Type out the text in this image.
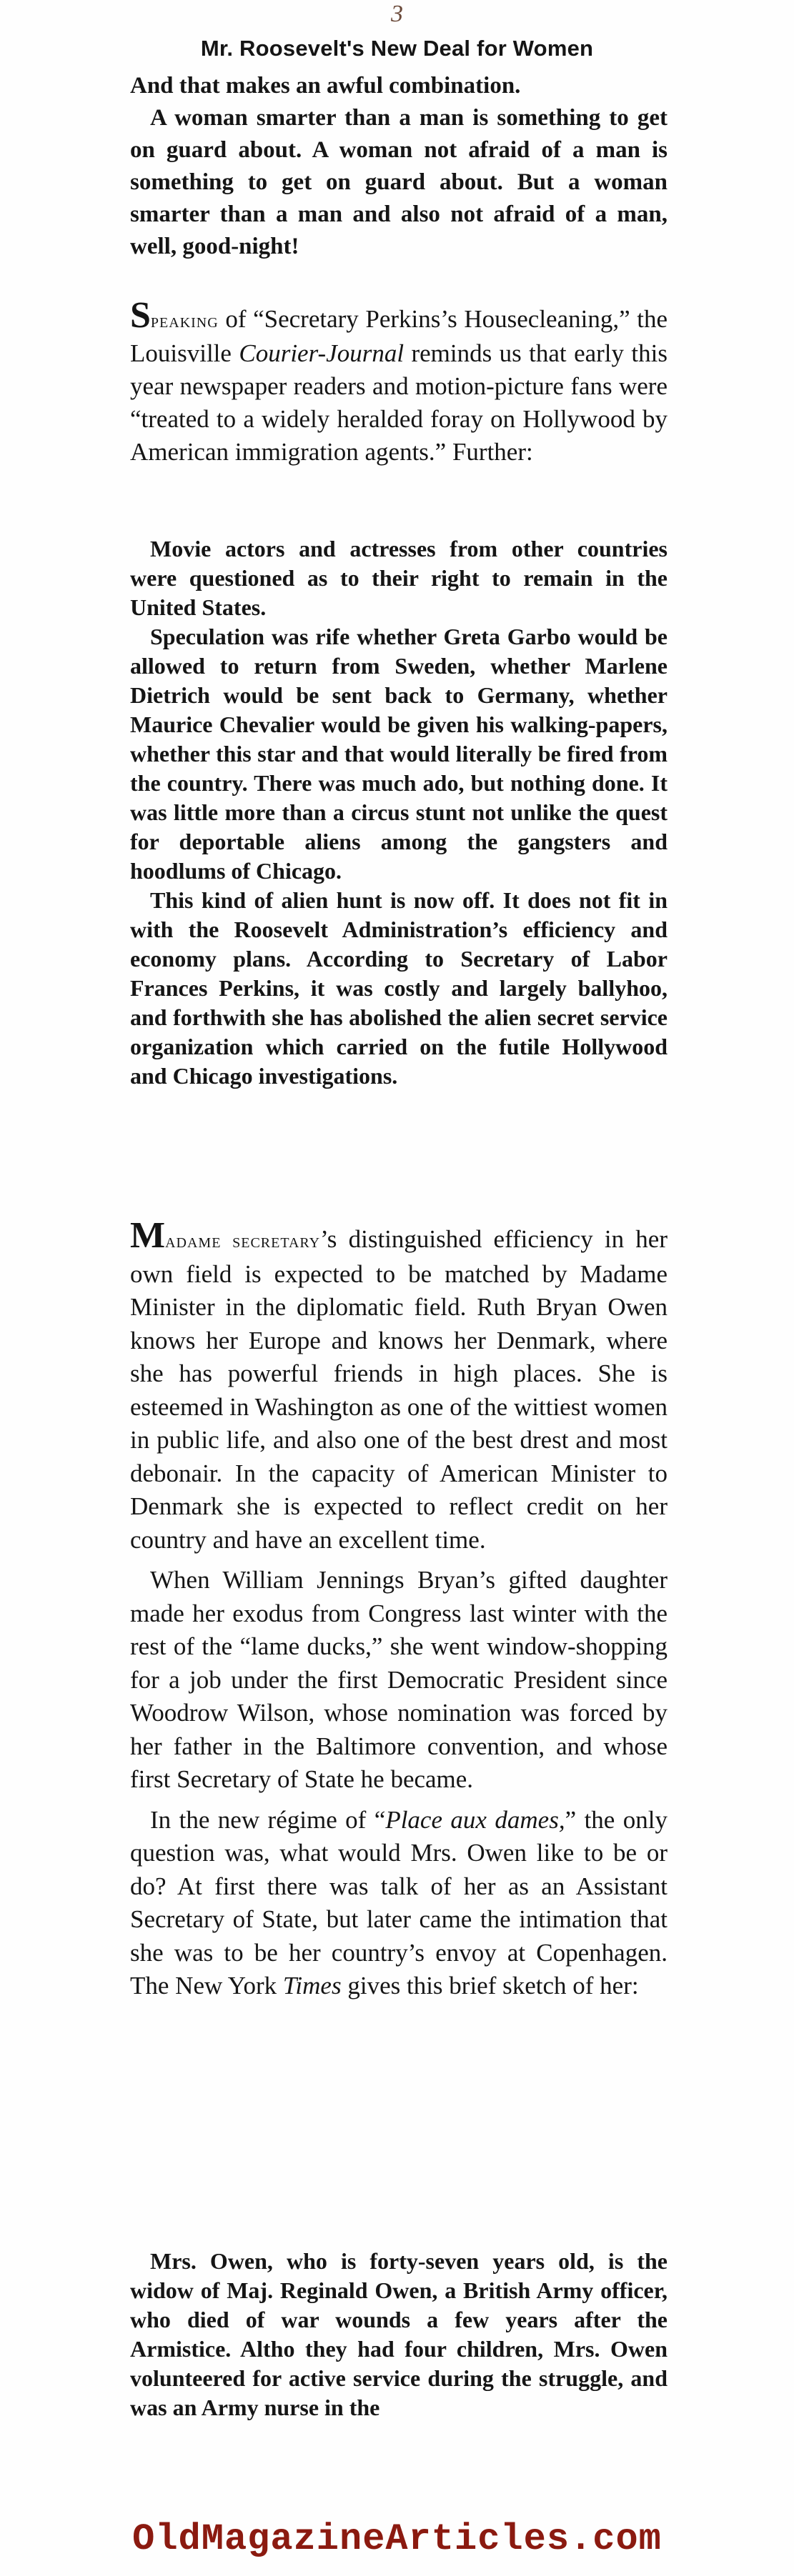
3
Mr. Roosevelt's New Deal for Women

And that makes an awful combination.

A woman smarter than a man is something to get on guard about. A woman not afraid of a man is something to get on guard about. But a woman smarter than a man and also not afraid of a man, well, good-night!

Speaking of “Secretary Perkins’s Housecleaning,” the Louisville Courier-Journal reminds us that early this year newspaper readers and motion-picture fans were “treated to a widely heralded foray on Hollywood by American immigration agents.” Further:

Movie actors and actresses from other countries were questioned as to their right to remain in the United States.

Speculation was rife whether Greta Garbo would be allowed to return from Sweden, whether Marlene Dietrich would be sent back to Germany, whether Maurice Chevalier would be given his walking-papers, whether this star and that would literally be fired from the country. There was much ado, but nothing done. It was little more than a circus stunt not unlike the quest for deportable aliens among the gangsters and hoodlums of Chicago.

This kind of alien hunt is now off. It does not fit in with the Roosevelt Administration’s efficiency and economy plans. According to Secretary of Labor Frances Perkins, it was costly and largely ballyhoo, and forthwith she has abolished the alien secret service organization which carried on the futile Hollywood and Chicago investigations.

Madame secretary’s distinguished efficiency in her own field is expected to be matched by Madame Minister in the diplomatic field. Ruth Bryan Owen knows her Europe and knows her Denmark, where she has powerful friends in high places. She is esteemed in Washington as one of the wittiest women in public life, and also one of the best drest and most debonair. In the capacity of American Minister to Denmark she is expected to reflect credit on her country and have an excellent time.

When William Jennings Bryan’s gifted daughter made her exodus from Congress last winter with the rest of the “lame ducks,” she went window-shopping for a job under the first Democratic President since Woodrow Wilson, whose nomination was forced by her father in the Baltimore convention, and whose first Secretary of State he became.

In the new régime of “Place aux dames,” the only question was, what would Mrs. Owen like to be or do? At first there was talk of her as an Assistant Secretary of State, but later came the intimation that she was to be her country’s envoy at Copenhagen. The New York Times gives this brief sketch of her:

Mrs. Owen, who is forty-seven years old, is the widow of Maj. Reginald Owen, a British Army officer, who died of war wounds a few years after the Armistice. Altho they had four children, Mrs. Owen volunteered for active service during the struggle, and was an Army nurse in the

OldMagazineArticles.com
